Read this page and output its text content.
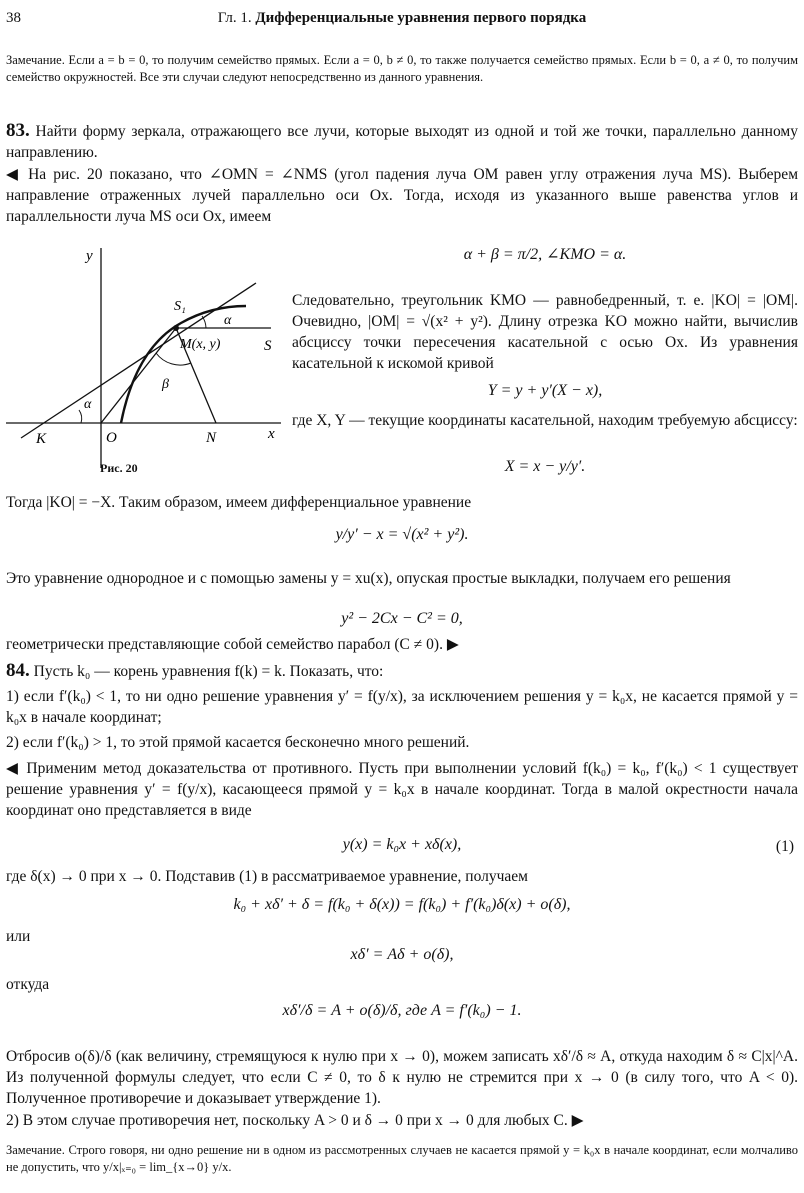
38	Гл. 1. Дифференциальные уравнения первого порядка
Замечание. Если a = b = 0, то получим семейство прямых. Если a = 0, b ≠ 0, то также получается семейство прямых. Если b = 0, a ≠ 0, то получим семейство окружностей. Все эти случаи следуют непосредственно из данного уравнения.
83. Найти форму зеркала, отражающего все лучи, которые выходят из одной и той же точки, параллельно данному направлению.
◀ На рис. 20 показано, что ∠OMN = ∠NMS (угол падения луча OM равен углу отражения луча MS). Выберем направление отраженных лучей параллельно оси Ox. Тогда, исходя из указанного выше равенства углов и параллельности луча MS оси Ox, имеем
α + β = π/2, ∠KMO = α.
Следовательно, треугольник KMO — равнобедренный, т. е. |KO| = |OM|. Очевидно, |OM| = √(x² + y²). Длину отрезка KO можно найти, вычислив абсциссу точки пересечения касательной с осью Ox. Из уравнения касательной к искомой кривой
Y = y + y′(X − x),
где X, Y — текущие координаты касательной, находим требуемую абсциссу:
X = x − y/y′.
y
x
K	O	N
S
S₁
M(x, y)
α
α
β
Рис. 20
Тогда |KO| = −X. Таким образом, имеем дифференциальное уравнение
y/y′ − x = √(x² + y²).
Это уравнение однородное и с помощью замены y = xu(x), опуская простые выкладки, получаем его решения
y² − 2Cx − C² = 0,
геометрически представляющие собой семейство парабол (C ≠ 0). ▶
84. Пусть k₀ — корень уравнения f(k) = k. Показать, что:
1) если f′(k₀) < 1, то ни одно решение уравнения y′ = f(y/x), за исключением решения y = k₀x, не касается прямой y = k₀x в начале координат;
2) если f′(k₀) > 1, то этой прямой касается бесконечно много решений.
◀ Применим метод доказательства от противного. Пусть при выполнении условий f(k₀) = k₀, f′(k₀) < 1 существует решение уравнения y′ = f(y/x), касающееся прямой y = k₀x в начале координат. Тогда в малой окрестности начала координат оно представляется в виде
y(x) = k₀x + xδ(x),	(1)
где δ(x) → 0 при x → 0. Подставив (1) в рассматриваемое уравнение, получаем
k₀ + xδ′ + δ = f(k₀ + δ(x)) = f(k₀) + f′(k₀)δ(x) + o(δ),
или
xδ′ = Aδ + o(δ),
откуда
xδ′/δ = A + o(δ)/δ, где A = f′(k₀) − 1.
Отбросив o(δ)/δ (как величину, стремящуюся к нулю при x → 0), можем записать xδ′/δ ≈ A, откуда находим δ ≈ C|x|^A. Из полученной формулы следует, что если C ≠ 0, то δ к нулю не стремится при x → 0 (в силу того, что A < 0). Полученное противоречие и доказывает утверждение 1).
2) В этом случае противоречия нет, поскольку A > 0 и δ → 0 при x → 0 для любых C. ▶
Замечание. Строго говоря, ни одно решение ни в одном из рассмотренных случаев не касается прямой y = k₀x в начале координат, если молчаливо не допустить, что y/x|ₓ₌₀ = lim_{x→0} y/x.
